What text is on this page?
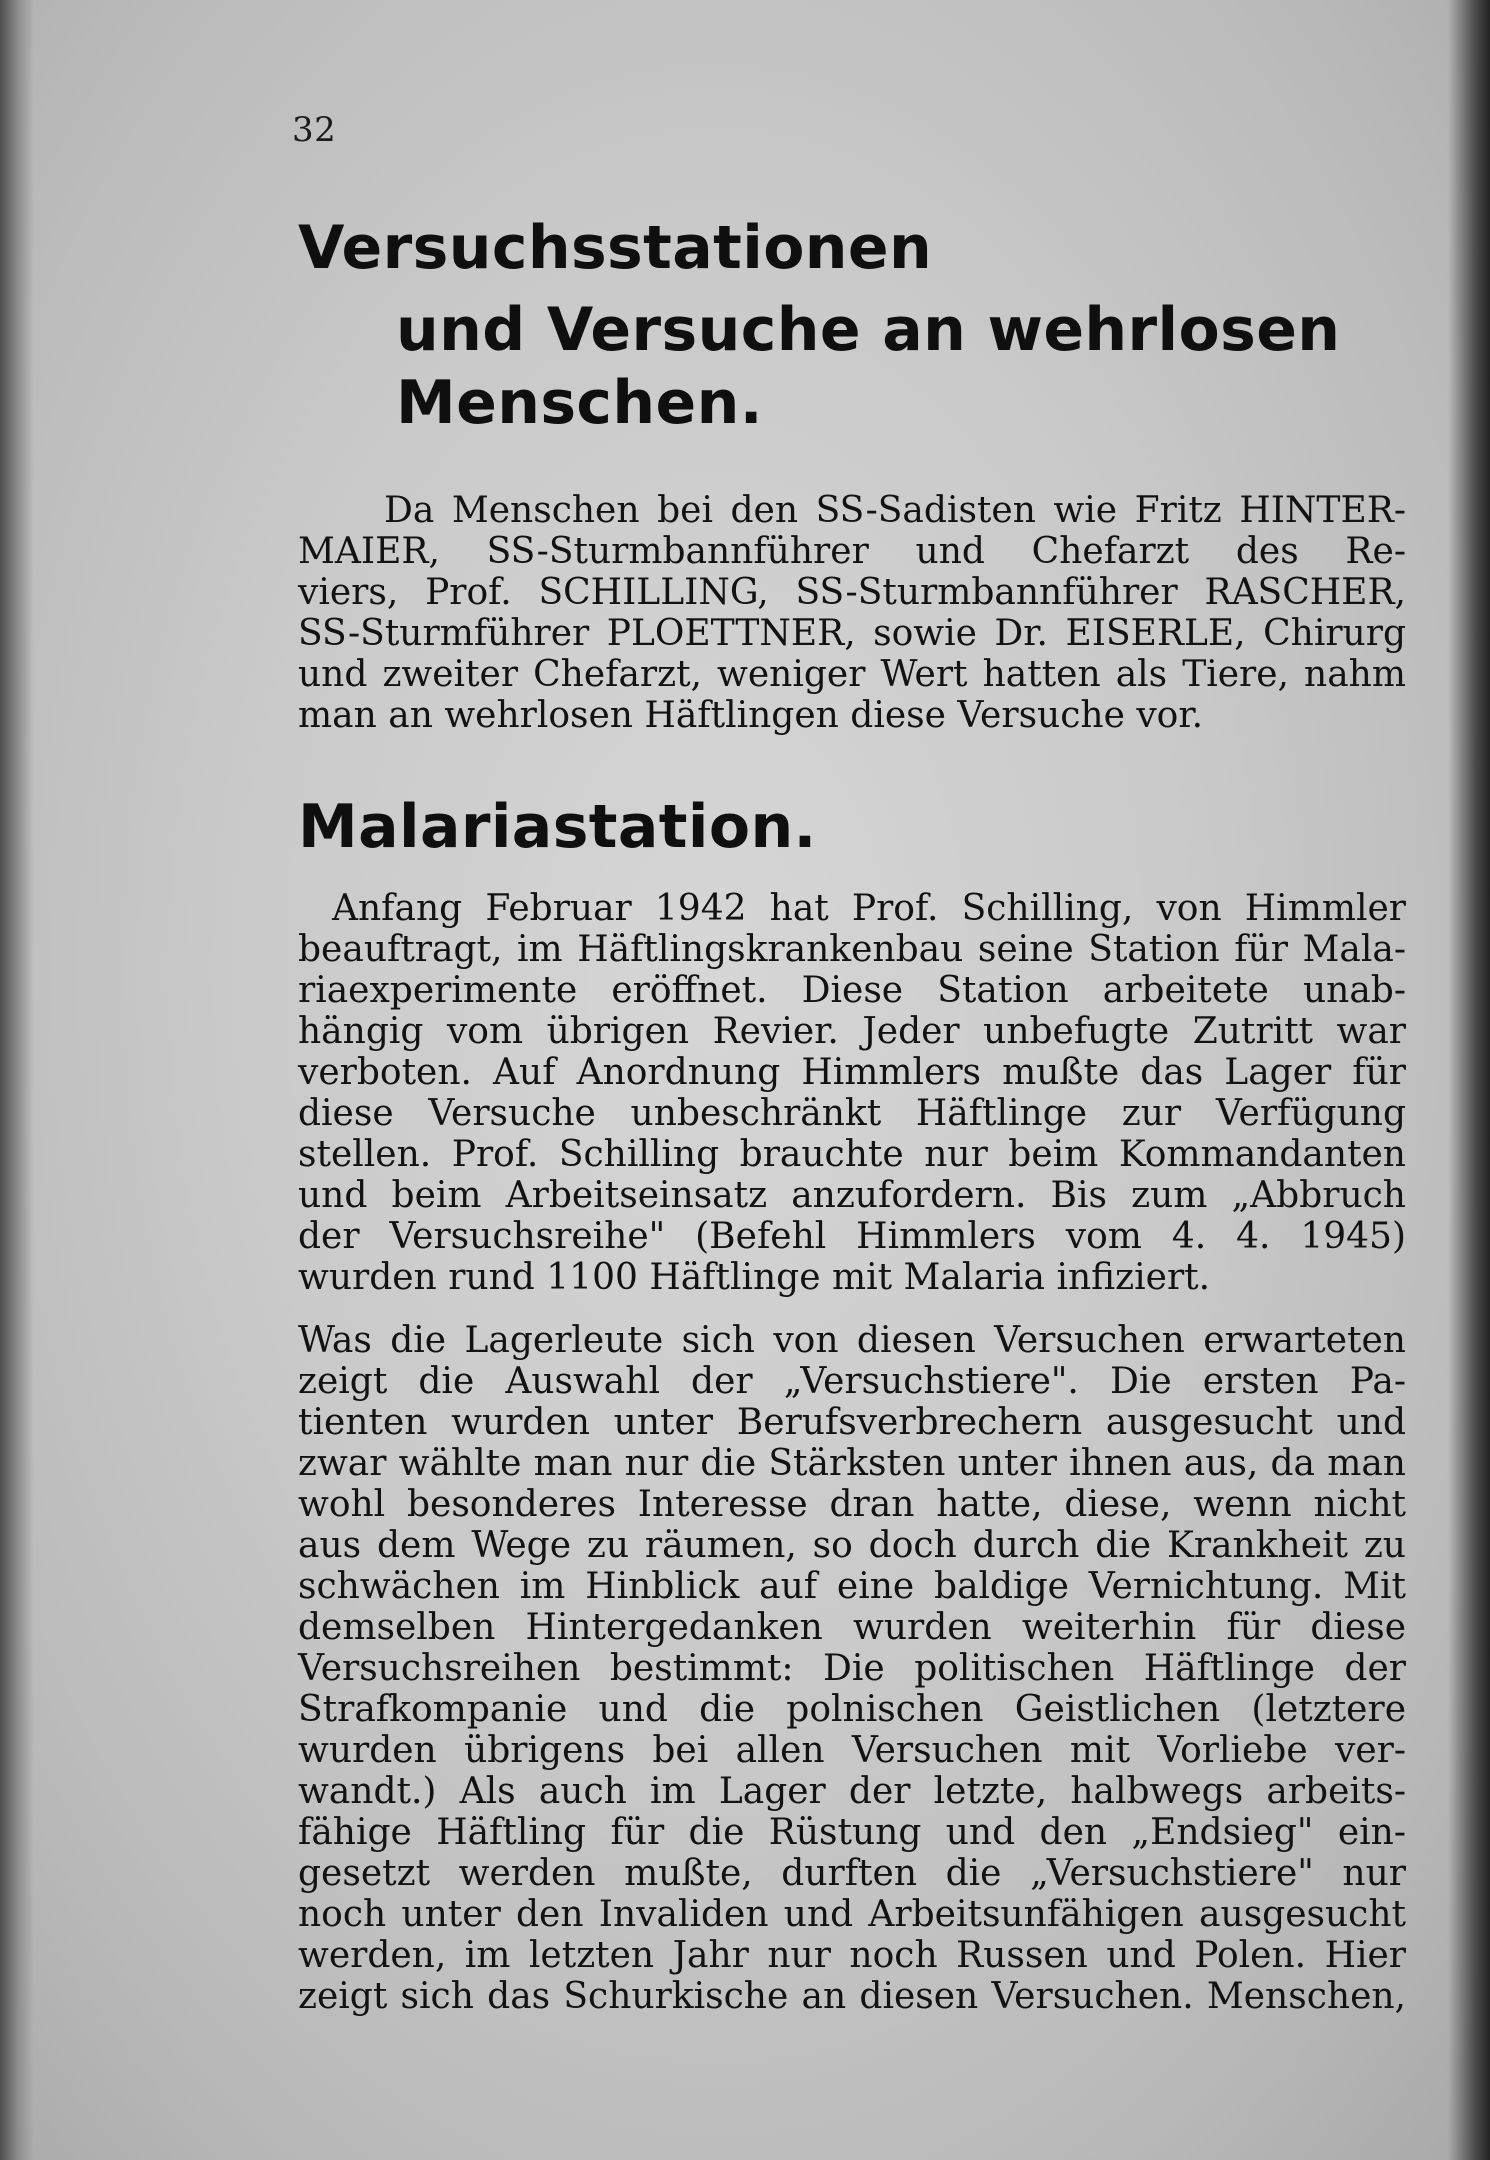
32
Versuchsstationen
und Versuche an wehrlosen
Menschen.
Da Menschen bei den SS-Sadisten wie Fritz HINTER-
MAIER, SS-Sturmbannführer und Chefarzt des Re-
viers, Prof. SCHILLING, SS-Sturmbannführer RASCHER,
SS-Sturmführer PLOETTNER, sowie Dr. EISERLE, Chirurg
und zweiter Chefarzt, weniger Wert hatten als Tiere, nahm
man an wehrlosen Häftlingen diese Versuche vor.
Malariastation.
Anfang Februar 1942 hat Prof. Schilling, von Himmler
beauftragt, im Häftlingskrankenbau seine Station für Mala-
riaexperimente eröffnet. Diese Station arbeitete unab-
hängig vom übrigen Revier. Jeder unbefugte Zutritt war
verboten. Auf Anordnung Himmlers mußte das Lager für
diese Versuche unbeschränkt Häftlinge zur Verfügung
stellen. Prof. Schilling brauchte nur beim Kommandanten
und beim Arbeitseinsatz anzufordern. Bis zum „Abbruch
der Versuchsreihe" (Befehl Himmlers vom 4. 4. 1945)
wurden rund 1100 Häftlinge mit Malaria infiziert.
Was die Lagerleute sich von diesen Versuchen erwarteten
zeigt die Auswahl der „Versuchstiere". Die ersten Pa-
tienten wurden unter Berufsverbrechern ausgesucht und
zwar wählte man nur die Stärksten unter ihnen aus, da man
wohl besonderes Interesse dran hatte, diese, wenn nicht
aus dem Wege zu räumen, so doch durch die Krankheit zu
schwächen im Hinblick auf eine baldige Vernichtung. Mit
demselben Hintergedanken wurden weiterhin für diese
Versuchsreihen bestimmt: Die politischen Häftlinge der
Strafkompanie und die polnischen Geistlichen (letztere
wurden übrigens bei allen Versuchen mit Vorliebe ver-
wandt.) Als auch im Lager der letzte, halbwegs arbeits-
fähige Häftling für die Rüstung und den „Endsieg" ein-
gesetzt werden mußte, durften die „Versuchstiere" nur
noch unter den Invaliden und Arbeitsunfähigen ausgesucht
werden, im letzten Jahr nur noch Russen und Polen. Hier
zeigt sich das Schurkische an diesen Versuchen. Menschen,
